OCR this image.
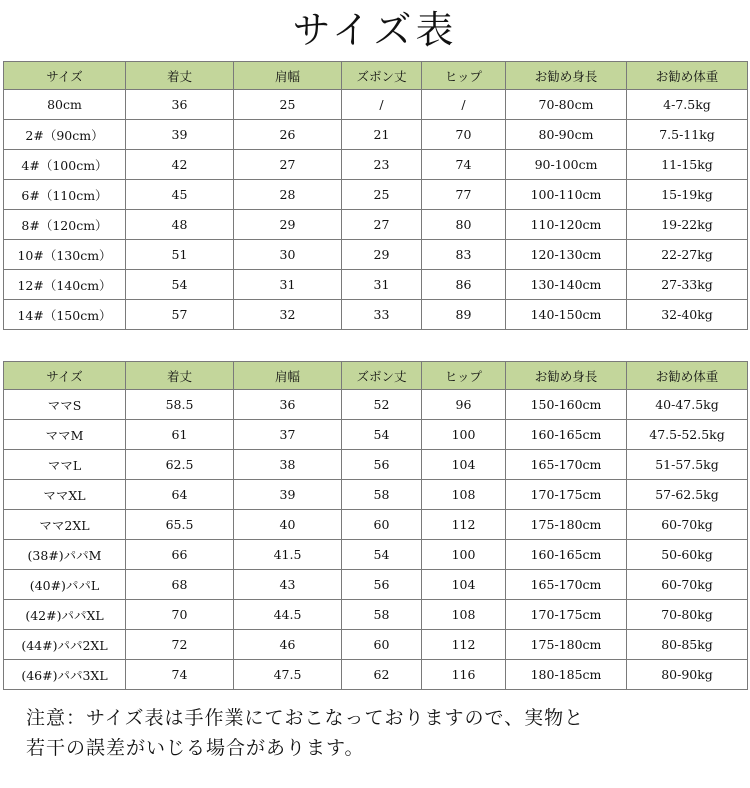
サイズ表
サイズ	着丈	肩幅	ズボン丈	ヒップ	お勧め身長	お勧め体重
80cm	36	25	/	/	70-80cm	4-7.5kg
2#（90cm）	39	26	21	70	80-90cm	7.5-11kg
4#（100cm）	42	27	23	74	90-100cm	11-15kg
6#（110cm）	45	28	25	77	100-110cm	15-19kg
8#（120cm）	48	29	27	80	110-120cm	19-22kg
10#（130cm）	51	30	29	83	120-130cm	22-27kg
12#（140cm）	54	31	31	86	130-140cm	27-33kg
14#（150cm）	57	32	33	89	140-150cm	32-40kg
サイズ	着丈	肩幅	ズボン丈	ヒップ	お勧め身長	お勧め体重
ママS	58.5	36	52	96	150-160cm	40-47.5kg
ママM	61	37	54	100	160-165cm	47.5-52.5kg
ママL	62.5	38	56	104	165-170cm	51-57.5kg
ママXL	64	39	58	108	170-175cm	57-62.5kg
ママ2XL	65.5	40	60	112	175-180cm	60-70kg
(38#)パパM	66	41.5	54	100	160-165cm	50-60kg
(40#)パパL	68	43	56	104	165-170cm	60-70kg
(42#)パパXL	70	44.5	58	108	170-175cm	70-80kg
(44#)パパ2XL	72	46	60	112	175-180cm	80-85kg
(46#)パパ3XL	74	47.5	62	116	180-185cm	80-90kg
注意：サイズ表は手作業にておこなっておりますので、実物と
若干の誤差がいじる場合があります。
